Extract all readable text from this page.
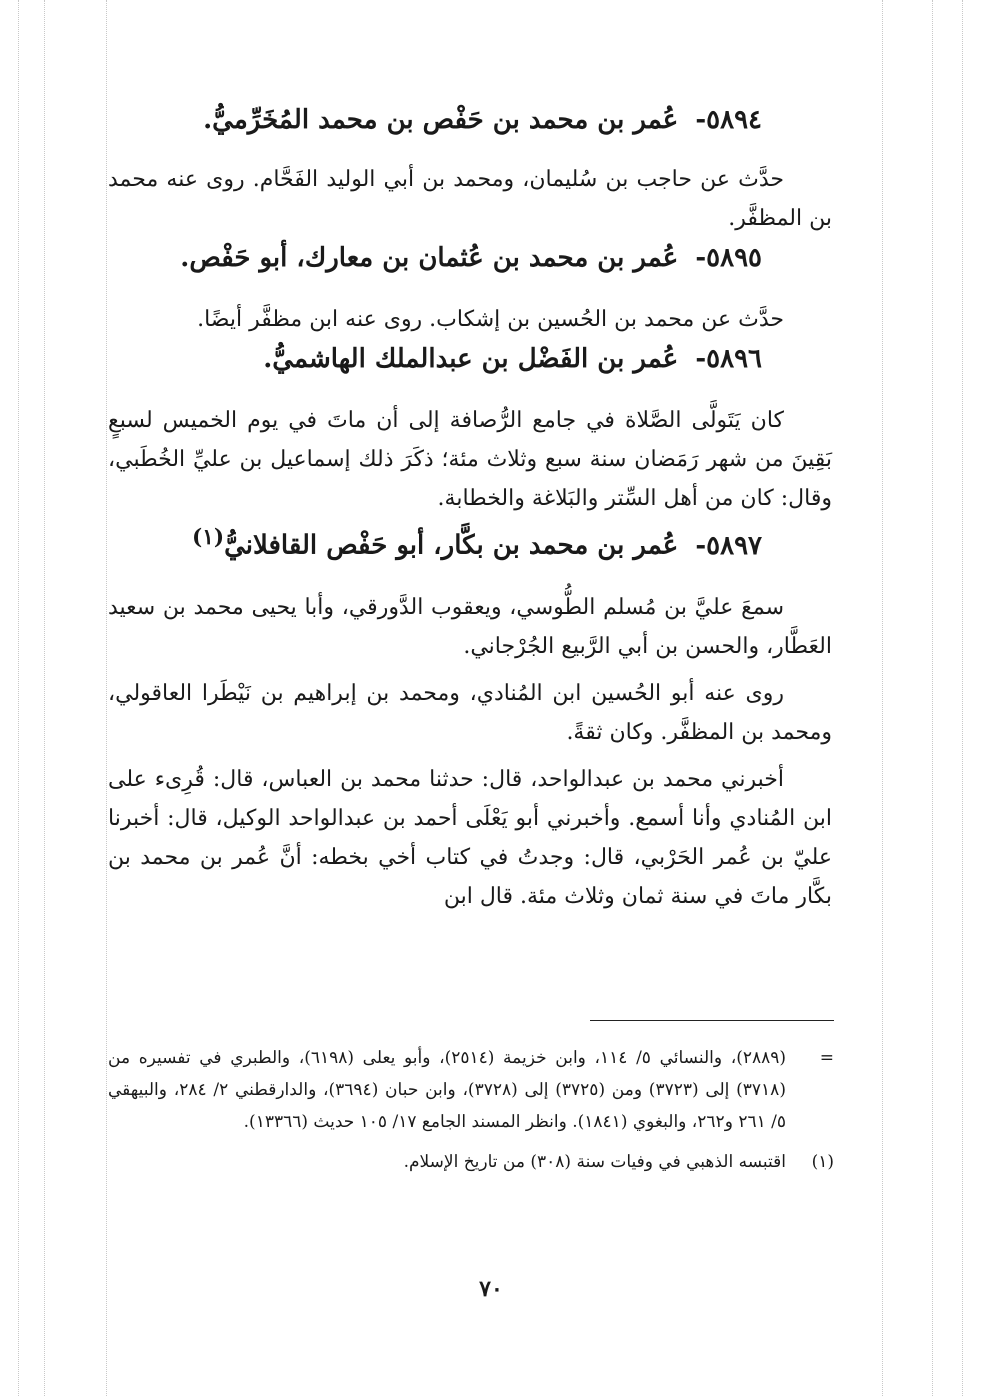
٥٨٩٤- عُمر بن محمد بن حَفْص بن محمد المُخَرِّميُّ.

حدَّث عن حاجب بن سُليمان، ومحمد بن أبي الوليد الفَحَّام. روى عنه محمد بن المظفَّر.

٥٨٩٥- عُمر بن محمد بن عُثمان بن معارك، أبو حَفْص.

حدَّث عن محمد بن الحُسين بن إشكاب. روى عنه ابن مظفَّر أيضًا.

٥٨٩٦- عُمر بن الفَضْل بن عبدالملك الهاشميُّ.

كان يَتَولَّى الصَّلاة في جامع الرُّصافة إلى أن ماتَ في يوم الخميس لسبعٍ بَقِينَ من شهر رَمَضان سنة سبع وثلاث مئة؛ ذكَرَ ذلك إسماعيل بن عليِّ الخُطَبي، وقال: كان من أهل السِّتر والبَلاغة والخطابة.

٥٨٩٧- عُمر بن محمد بن بكَّار، أبو حَفْص القافلانيُّ$^{(١)}$

سمعَ عليَّ بن مُسلم الطُّوسي، ويعقوب الدَّورقي، وأبا يحيى محمد بن سعيد العَطَّار، والحسن بن أبي الرَّبيع الجُرْجاني.

روى عنه أبو الحُسين ابن المُنادي، ومحمد بن إبراهيم بن نَيْطَرا العاقولي، ومحمد بن المظفَّر. وكان ثقةً.

أخبرني محمد بن عبدالواحد، قال: حدثنا محمد بن العباس، قال: قُرِىء على ابن المُنادي وأنا أسمع. وأخبرني أبو يَعْلَى أحمد بن عبدالواحد الوكيل، قال: أخبرنا عليّ بن عُمر الحَرْبي، قال: وجدتُ في كتاب أخي بخطه: أنَّ عُمر بن محمد بن بكَّار ماتَ في سنة ثمان وثلاث مئة. قال ابن

=
(٢٨٨٩)، والنسائي ٥/ ١١٤، وابن خزيمة (٢٥١٤)، وأبو يعلى (٦١٩٨)، والطبري في تفسيره من (٣٧١٨) إلى (٣٧٢٣) ومن (٣٧٢٥) إلى (٣٧٢٨)، وابن حبان (٣٦٩٤)، والدارقطني ٢/ ٢٨٤، والبيهقي ٥/ ٢٦١ و٢٦٢، والبغوي (١٨٤١). وانظر المسند الجامع ١٧/ ١٠٥ حديث (١٣٣٦٦).
(١)
اقتبسه الذهبي في وفيات سنة (٣٠٨) من تاريخ الإسلام.
٧٠
